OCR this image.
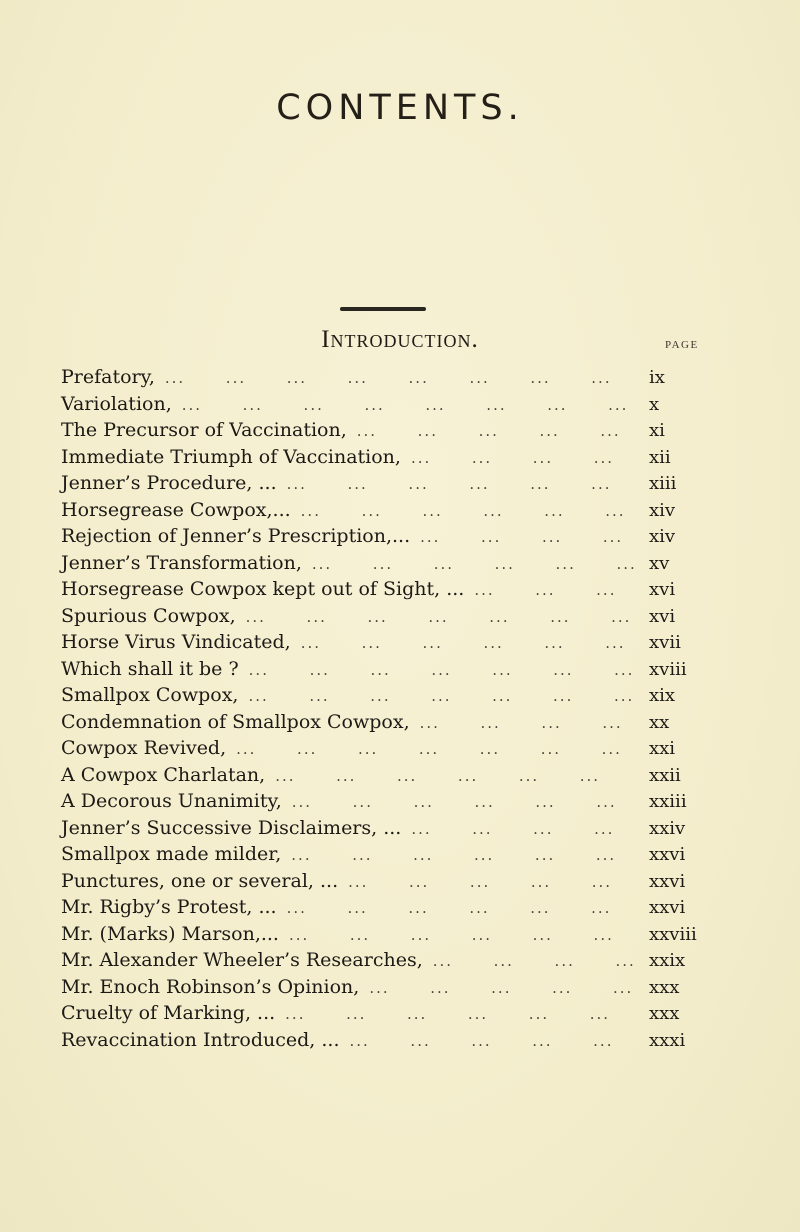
CONTENTS.
Introduction.	PAGE
Prefatory, ...	ix
Variolation, ...	x
The Precursor of Vaccination, ...	xi
Immediate Triumph of Vaccination, ...	xii
Jenner’s Procedure, ... ...	xiii
Horsegrease Cowpox,... ...	xiv
Rejection of Jenner’s Prescription,... ...	xiv
Jenner’s Transformation, ...	xv
Horsegrease Cowpox kept out of Sight, ... ...	xvi
Spurious Cowpox, ...	xvi
Horse Virus Vindicated, ...	xvii
Which shall it be ? ...	xviii
Smallpox Cowpox, ...	xix
Condemnation of Smallpox Cowpox, ...	xx
Cowpox Revived, ...	xxi
A Cowpox Charlatan, ...	xxii
A Decorous Unanimity, ...	xxiii
Jenner’s Successive Disclaimers, ... ...	xxiv
Smallpox made milder, ...	xxvi
Punctures, one or several, ... ...	xxvi
Mr. Rigby’s Protest, ... ...	xxvi
Mr. (Marks) Marson,... ...	xxviii
Mr. Alexander Wheeler’s Researches, ...	xxix
Mr. Enoch Robinson’s Opinion, ...	xxx
Cruelty of Marking, ... ...	xxx
Revaccination Introduced, ... ...	xxxi
